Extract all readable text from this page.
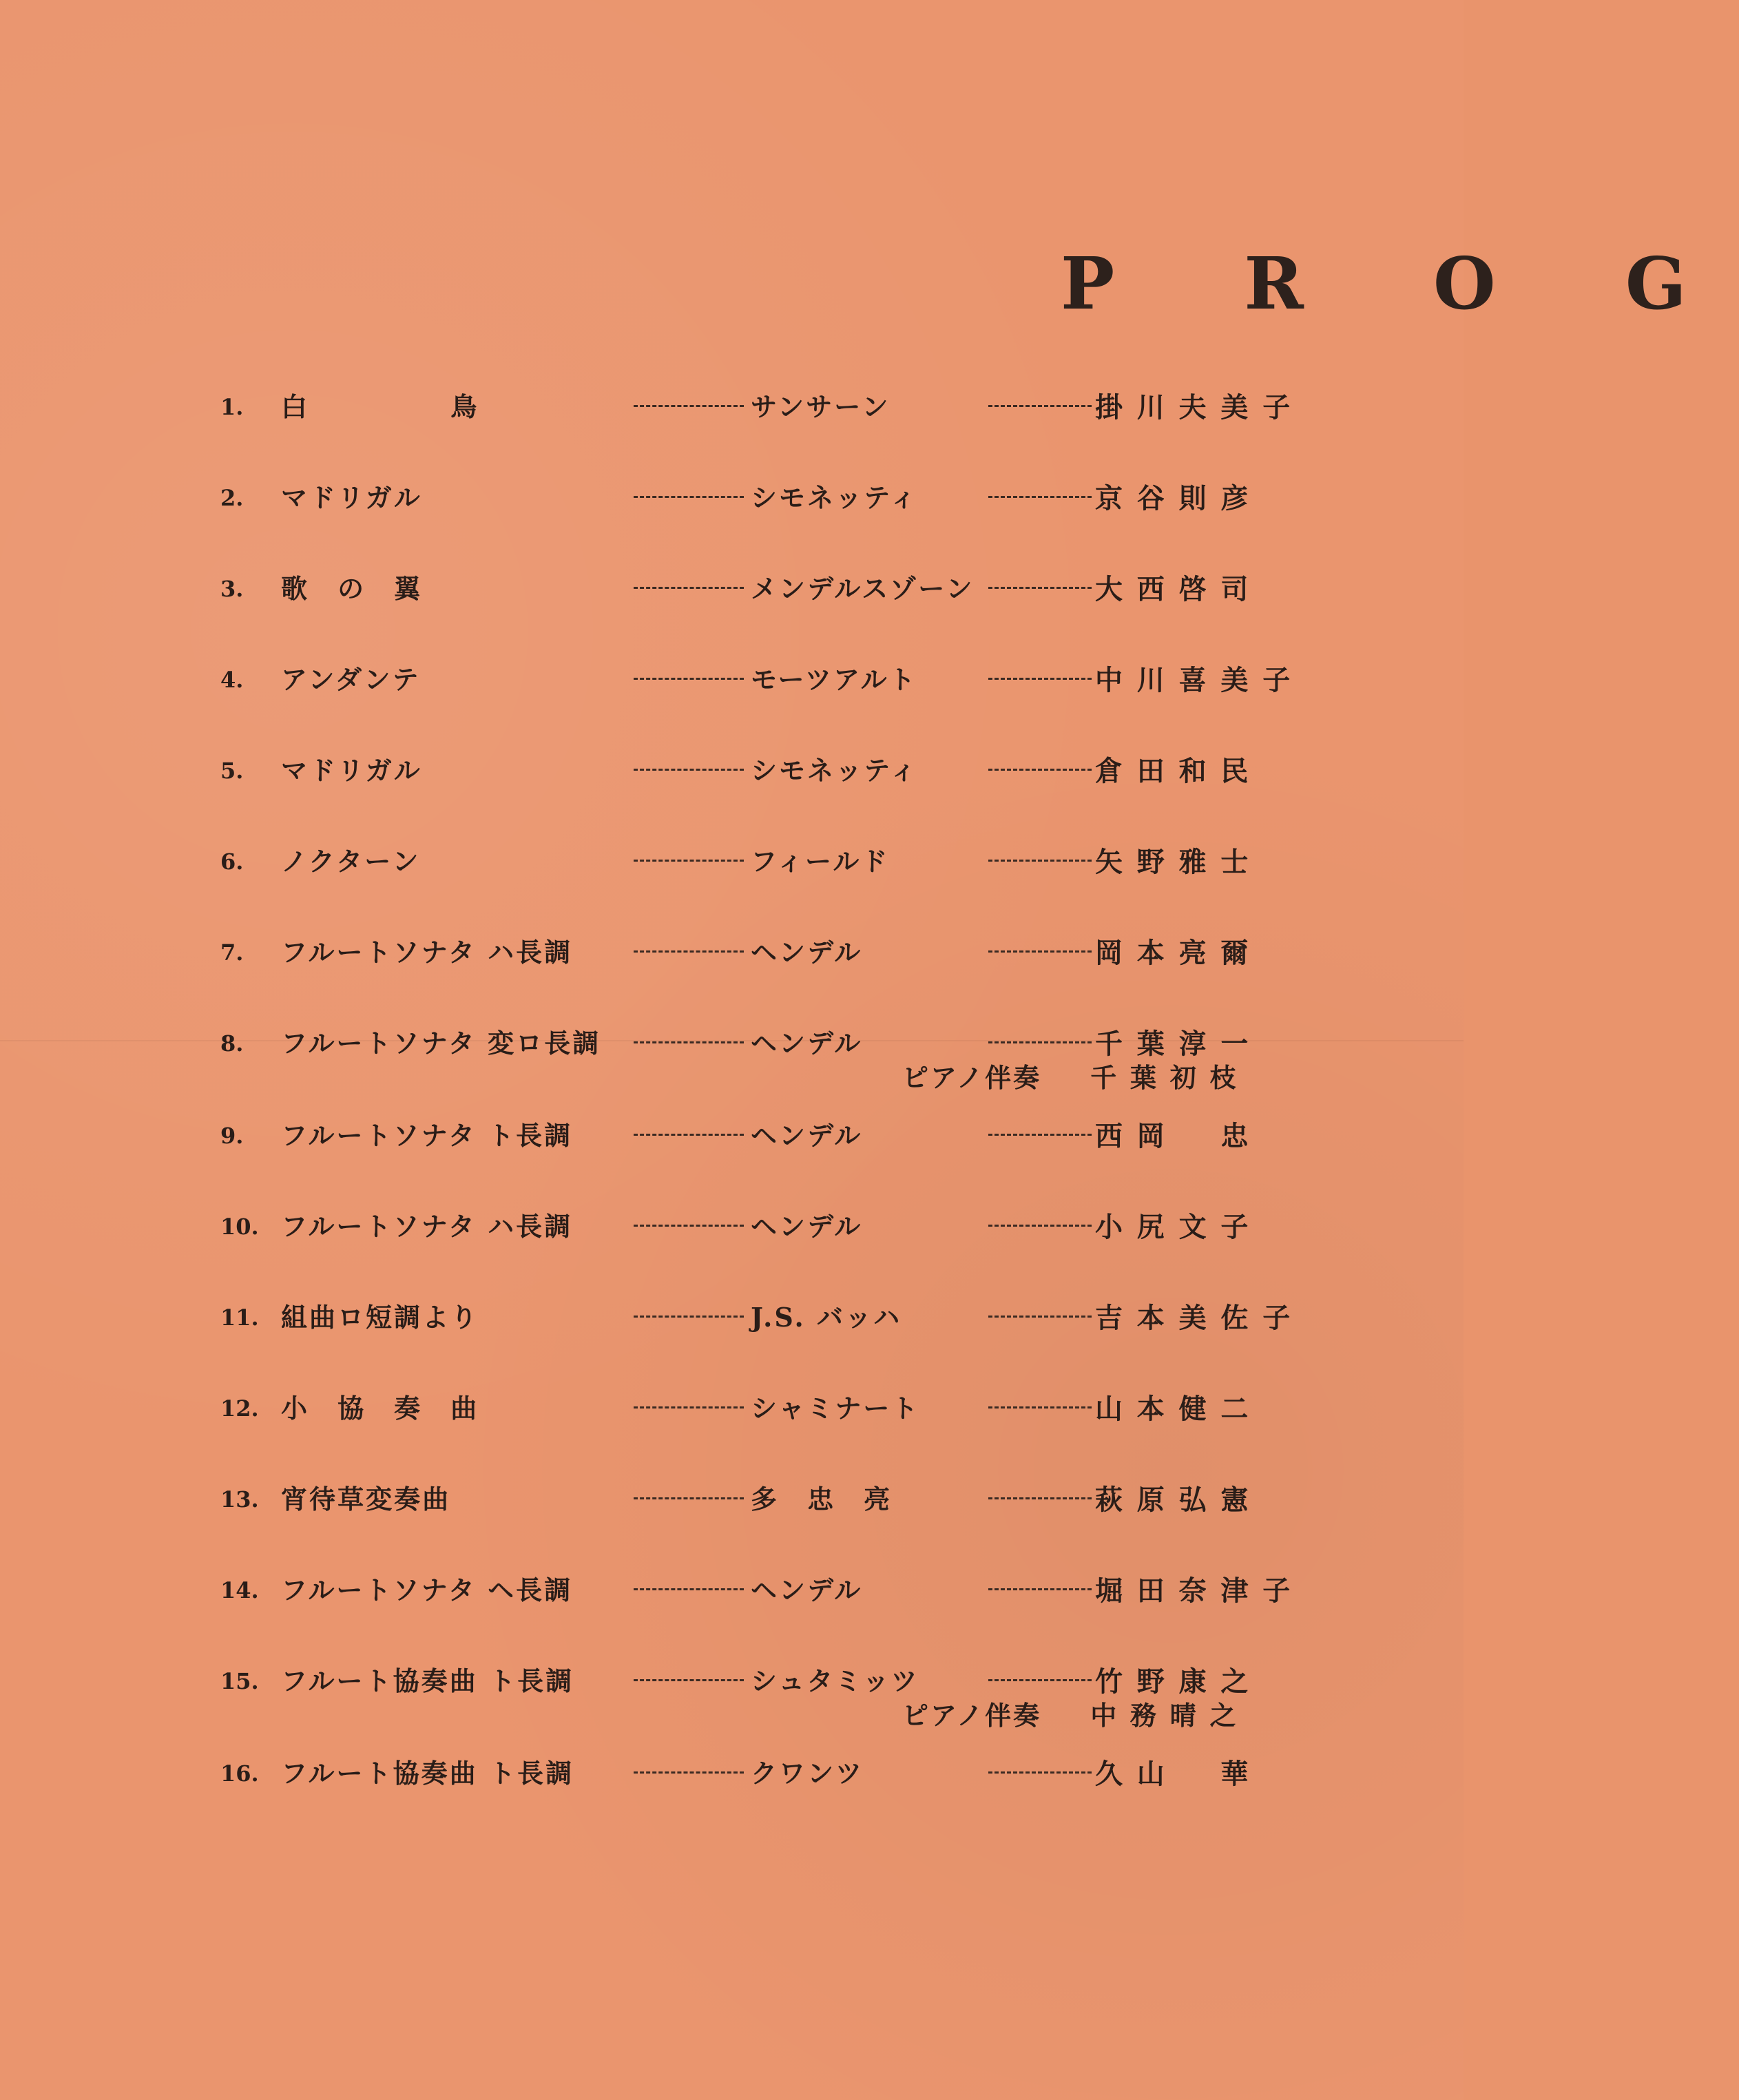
P R O G
1.	白　　　　　鳥	サンサーン	掛川夫美子
2.	マドリガル	シモネッティ	京谷則彦
3.	歌　の　翼	メンデルスゾーン	大西啓司
4.	アンダンテ	モーツアルト	中川喜美子
5.	マドリガル	シモネッティ	倉田和民
6.	ノクターン	フィールド	矢野雅士
7.	フルートソナタ ハ長調	ヘンデル	岡本亮爾
8.	フルートソナタ 変ロ長調	ヘンデル	千葉淳一
ピアノ伴奏 千葉初枝
9.	フルートソナタ ト長調	ヘンデル	西岡　忠
10. フルートソナタ ハ長調	ヘンデル	小尻文子
11. 組曲ロ短調より	J.S. バッハ	吉本美佐子
12. 小　協　奏　曲	シャミナート	山本健二
13. 宵待草変奏曲	多　忠　亮	萩原弘憲
14. フルートソナタ ヘ長調	ヘンデル	堀田奈津子
15. フルート協奏曲 ト長調	シュタミッツ	竹野康之
ピアノ伴奏 中務晴之
16. フルート協奏曲 ト長調	クワンツ	久山　華
